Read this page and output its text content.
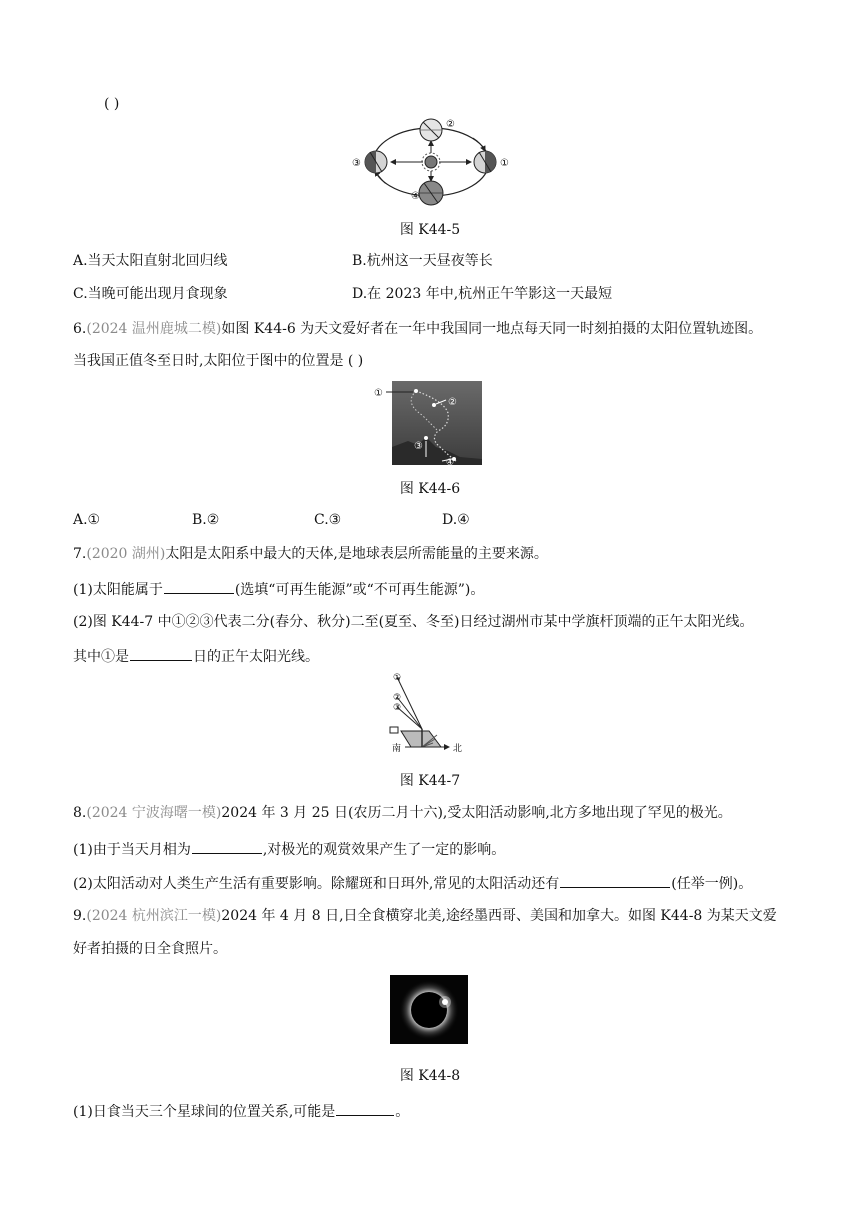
( )
②
①
③
④
图 K44-5
A.当天太阳直射北回归线	B.杭州这一天昼夜等长
C.当晚可能出现月食现象	D.在 2023 年中,杭州正午竿影这一天最短
6.(2024 温州鹿城二模)如图 K44-6 为天文爱好者在一年中我国同一地点每天同一时刻拍摄的太阳位置轨迹图。
当我国正值冬至日时,太阳位于图中的位置是 ( )
①
②
③
④
图 K44-6
A.①	B.②	C.③	D.④
7.(2020 湖州)太阳是太阳系中最大的天体,是地球表层所需能量的主要来源。
(1)太阳能属于	(选填“可再生能源”或“不可再生能源”)。
(2)图 K44-7 中①②③代表二分(春分、秋分)二至(夏至、冬至)日经过湖州市某中学旗杆顶端的正午太阳光线。
其中①是	日的正午太阳光线。
①
②
③
南	北
图 K44-7
8.(2024 宁波海曙一模)2024 年 3 月 25 日(农历二月十六),受太阳活动影响,北方多地出现了罕见的极光。
(1)由于当天月相为	,对极光的观赏效果产生了一定的影响。
(2)太阳活动对人类生产生活有重要影响。除耀斑和日珥外,常见的太阳活动还有	(任举一例)。
9.(2024 杭州滨江一模)2024 年 4 月 8 日,日全食横穿北美,途经墨西哥、美国和加拿大。如图 K44-8 为某天文爱
好者拍摄的日全食照片。
图 K44-8
(1)日食当天三个星球间的位置关系,可能是	。
